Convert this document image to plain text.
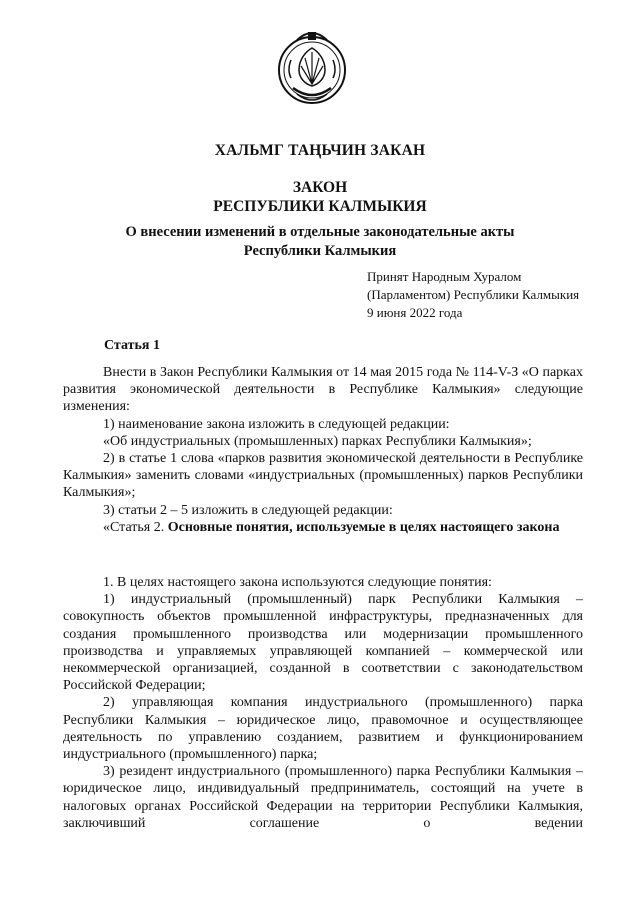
ХАЛЬМГ ТАҢЬЧИН ЗАКАН
ЗАКОН
РЕСПУБЛИКИ КАЛМЫКИЯ
О внесении изменений в отдельные законодательные акты
Республики Калмыкия
Принят Народным Хуралом
(Парламентом) Республики Калмыкия
9 июня 2022 года
Статья 1

Внести в Закон Республики Калмыкия от 14 мая 2015 года № 114-V-З «О парках развития экономической деятельности в Республике Калмыкия» следующие изменения:

1) наименование закона изложить в следующей редакции:

«Об индустриальных (промышленных) парках Республики Калмыкия»;

2) в статье 1 слова «парков развития экономической деятельности в Республике Калмыкия» заменить словами «индустриальных (промышленных) парков Республики Калмыкия»;

3) статьи 2 – 5 изложить в следующей редакции:

«Статья 2. Основные понятия, используемые в целях настоящего закона

1. В целях настоящего закона используются следующие понятия:

1) индустриальный (промышленный) парк Республики Калмыкия – совокупность объектов промышленной инфраструктуры, предназначенных для создания промышленного производства или модернизации промышленного производства и управляемых управляющей компанией – коммерческой или некоммерческой организацией, созданной в соответствии с законодательством Российской Федерации;

2) управляющая компания индустриального (промышленного) парка Республики Калмыкия – юридическое лицо, правомочное и осуществляющее деятельность по управлению созданием, развитием и функционированием индустриального (промышленного) парка;

3) резидент индустриального (промышленного) парка Республики Калмыкия – юридическое лицо, индивидуальный предприниматель, состоящий на учете в налоговых органах Российской Федерации на территории Республики Калмыкия, заключивший соглашение о ведении
